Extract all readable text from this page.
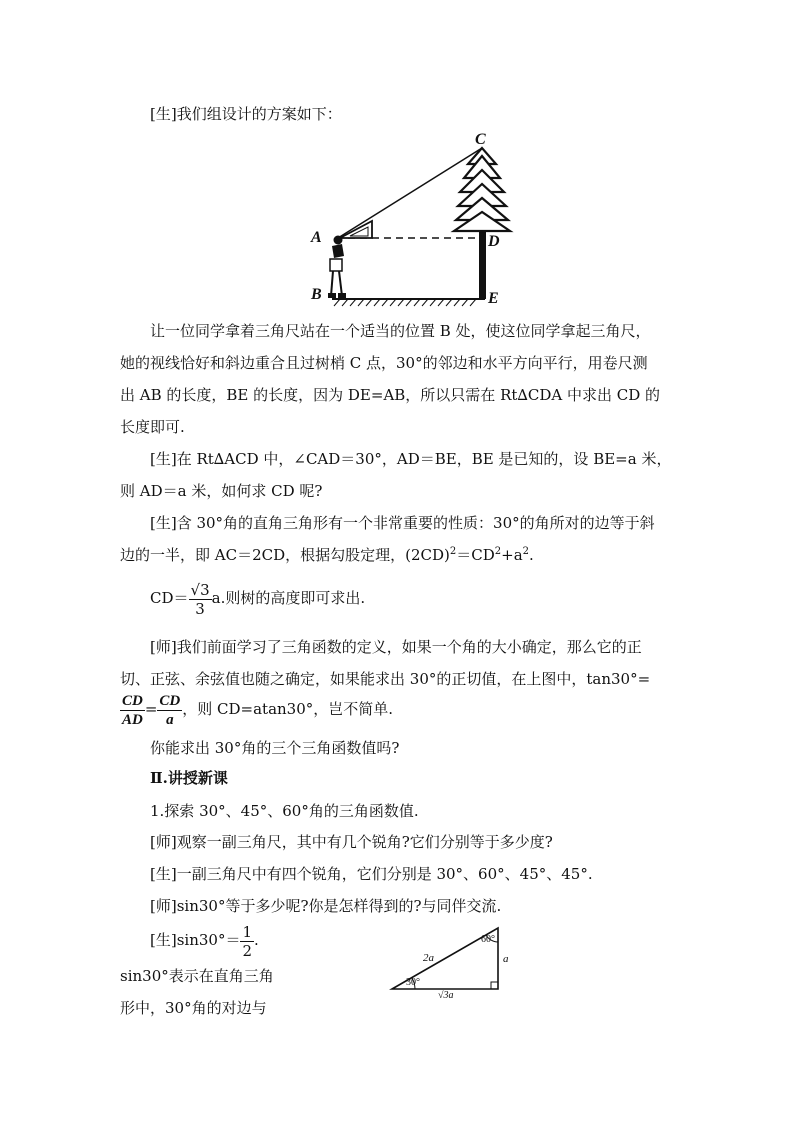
[生]我们组设计的方案如下：
C
A	D
B	E
让一位同学拿着三角尺站在一个适当的位置 B 处，使这位同学拿起三角尺，
她的视线恰好和斜边重合且过树梢 C 点，30°的邻边和水平方向平行，用卷尺测
出 AB 的长度，BE 的长度，因为 DE=AB，所以只需在 Rt∆CDA 中求出 CD 的
长度即可.
[生]在 Rt∆ACD 中，∠CAD＝30°，AD＝BE，BE 是已知的，设 BE=a 米，
则 AD＝a 米，如何求 CD 呢?
[生]含 30°角的直角三角形有一个非常重要的性质：30°的角所对的边等于斜
边的一半，即 AC＝2CD，根据勾股定理，$(2CD)^2=CD^2+a^2$.
$CD= \frac{√3}{3} a$.则树的高度即可求出.
[师]我们前面学习了三角函数的定义，如果一个角的大小确定，那么它的正
切、正弦、余弦值也随之确定，如果能求出 30°的正切值，在上图中，tan30°=
$\frac{CD}{AD} = \frac{CD}{a}$ ，则 CD=atan30°，岂不简单.
你能求出 30°角的三个三角函数值吗?
Ⅱ.讲授新课
1.探索 30°、45°、60°角的三角函数值.
[师]观察一副三角尺，其中有几个锐角?它们分别等于多少度?
[生]一副三角尺中有四个锐角，它们分别是 30°、60°、45°、45°.
[师]sin30°等于多少呢?你是怎样得到的?与同伴交流.
[生]$\sin 30^\circ= \frac{1}{2}$ .
sin30°表示在直角三角
形中，30°角的对边与
2a
60°
a
30°
√3a
